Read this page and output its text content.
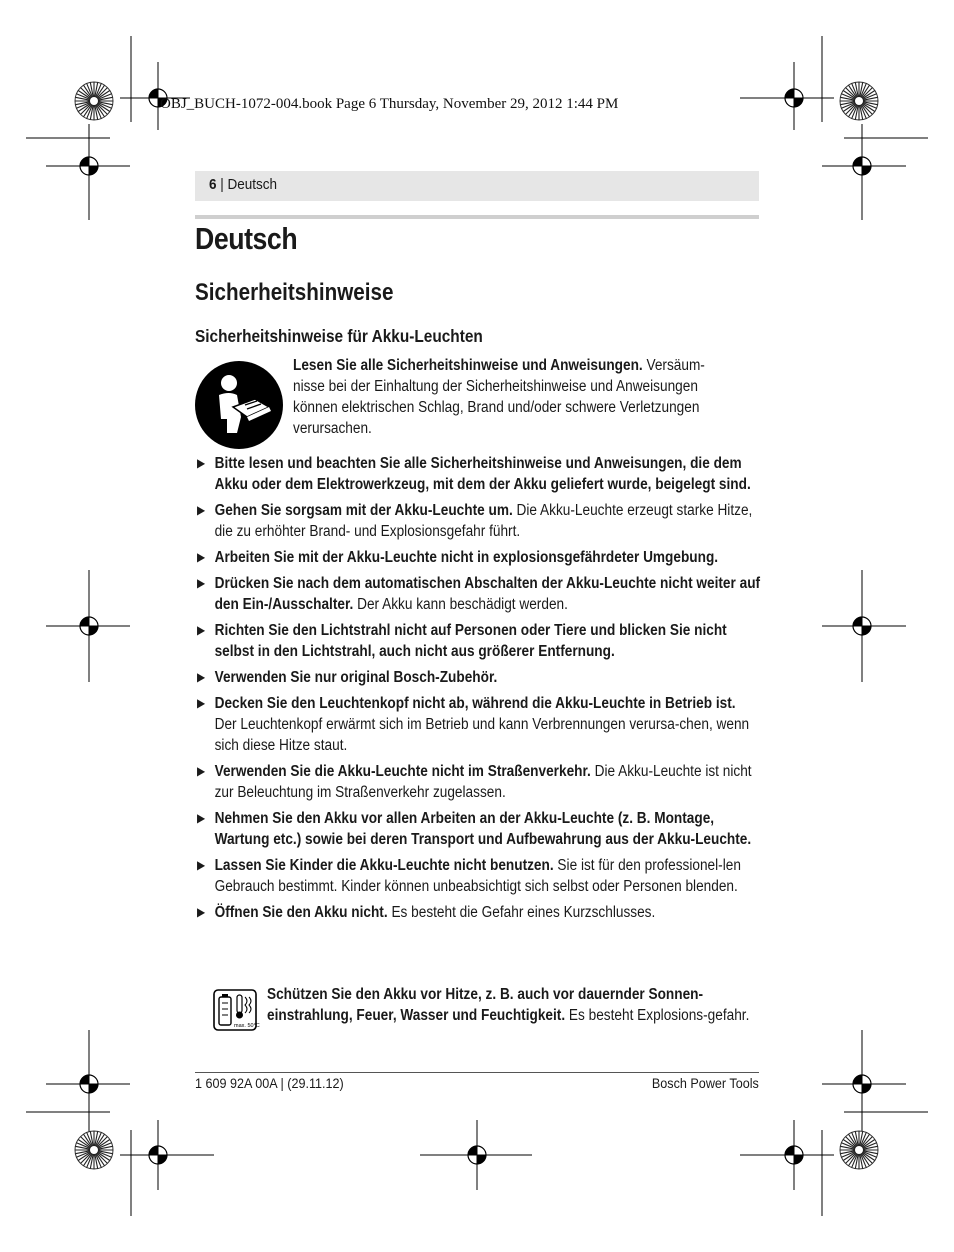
OBJ_BUCH-1072-004.book Page 6 Thursday, November 29, 2012 1:44 PM
6 | Deutsch
Deutsch
Sicherheitshinweise
Sicherheitshinweise für Akku-Leuchten
Lesen Sie alle Sicherheitshinweise und Anweisungen. Versäum-nisse bei der Einhaltung der Sicherheitshinweise und Anweisungen können elektrischen Schlag, Brand und/oder schwere Verletzungen verursachen.
▶ Bitte lesen und beachten Sie alle Sicherheitshinweise und Anweisungen, die dem Akku oder dem Elektrowerkzeug, mit dem der Akku geliefert wurde, beigelegt sind.
▶ Gehen Sie sorgsam mit der Akku-Leuchte um. Die Akku-Leuchte erzeugt starke Hitze, die zu erhöhter Brand- und Explosionsgefahr führt.
▶ Arbeiten Sie mit der Akku-Leuchte nicht in explosionsgefährdeter Umgebung.
▶ Drücken Sie nach dem automatischen Abschalten der Akku-Leuchte nicht weiter auf den Ein-/Ausschalter. Der Akku kann beschädigt werden.
▶ Richten Sie den Lichtstrahl nicht auf Personen oder Tiere und blicken Sie nicht selbst in den Lichtstrahl, auch nicht aus größerer Entfernung.
▶ Verwenden Sie nur original Bosch-Zubehör.
▶ Decken Sie den Leuchtenkopf nicht ab, während die Akku-Leuchte in Betrieb ist. Der Leuchtenkopf erwärmt sich im Betrieb und kann Verbrennungen verursa-chen, wenn sich diese Hitze staut.
▶ Verwenden Sie die Akku-Leuchte nicht im Straßenverkehr. Die Akku-Leuchte ist nicht zur Beleuchtung im Straßenverkehr zugelassen.
▶ Nehmen Sie den Akku vor allen Arbeiten an der Akku-Leuchte (z. B. Montage, Wartung etc.) sowie bei deren Transport und Aufbewahrung aus der Akku-Leuchte.
▶ Lassen Sie Kinder die Akku-Leuchte nicht benutzen. Sie ist für den professionel-len Gebrauch bestimmt. Kinder können unbeabsichtigt sich selbst oder Personen blenden.
▶ Öffnen Sie den Akku nicht. Es besteht die Gefahr eines Kurzschlusses.
max. 50°C
Schützen Sie den Akku vor Hitze, z. B. auch vor dauernder Sonnen-einstrahlung, Feuer, Wasser und Feuchtigkeit. Es besteht Explosions-gefahr.
1 609 92A 00A | (29.11.12)	Bosch Power Tools
